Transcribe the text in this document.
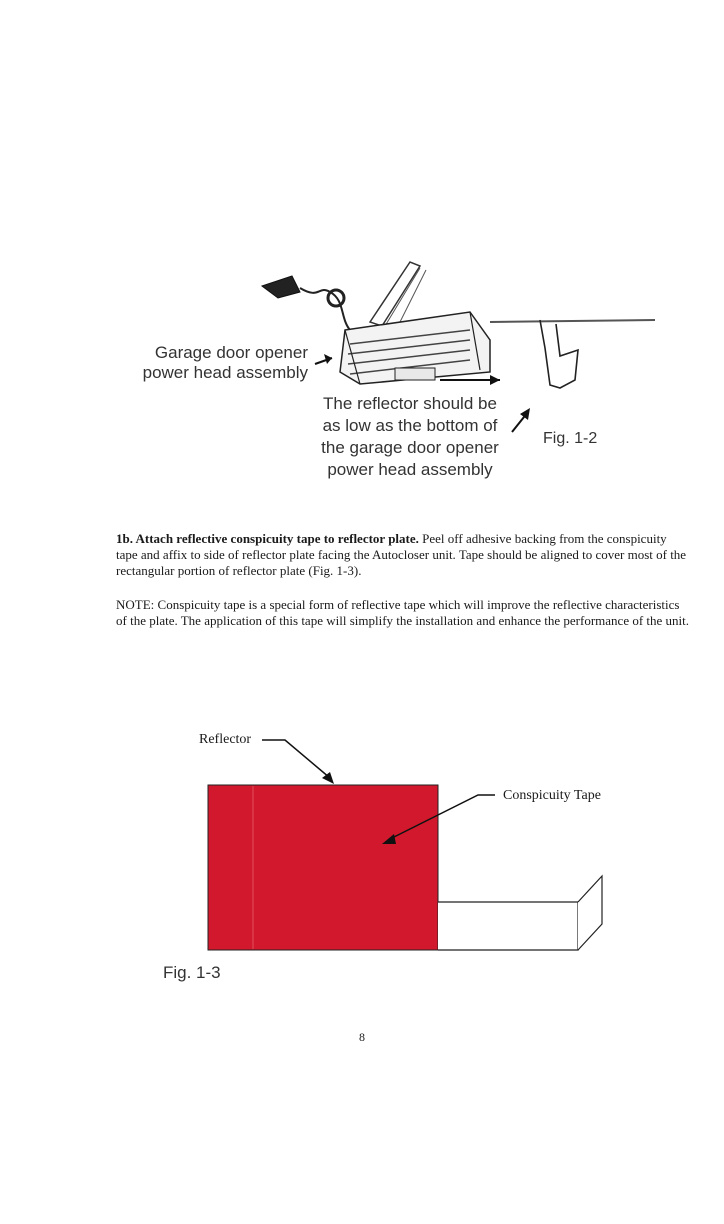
Garage door opener
power head assembly
The reflector should be
as low as the bottom of
the garage door opener
power head assembly
Fig. 1-2
1b. Attach reflective conspicuity tape to reflector plate. Peel off adhesive backing from the conspicuity tape and affix to side of reflector plate facing the Autocloser unit. Tape should be aligned to cover most of the rectangular portion of reflector plate (Fig. 1-3).
NOTE: Conspicuity tape is a special form of reflective tape which will improve the reflective characteristics of the plate. The application of this tape will simplify the installation and enhance the performance of the unit.
Reflector
Conspicuity Tape
Fig. 1-3
8
